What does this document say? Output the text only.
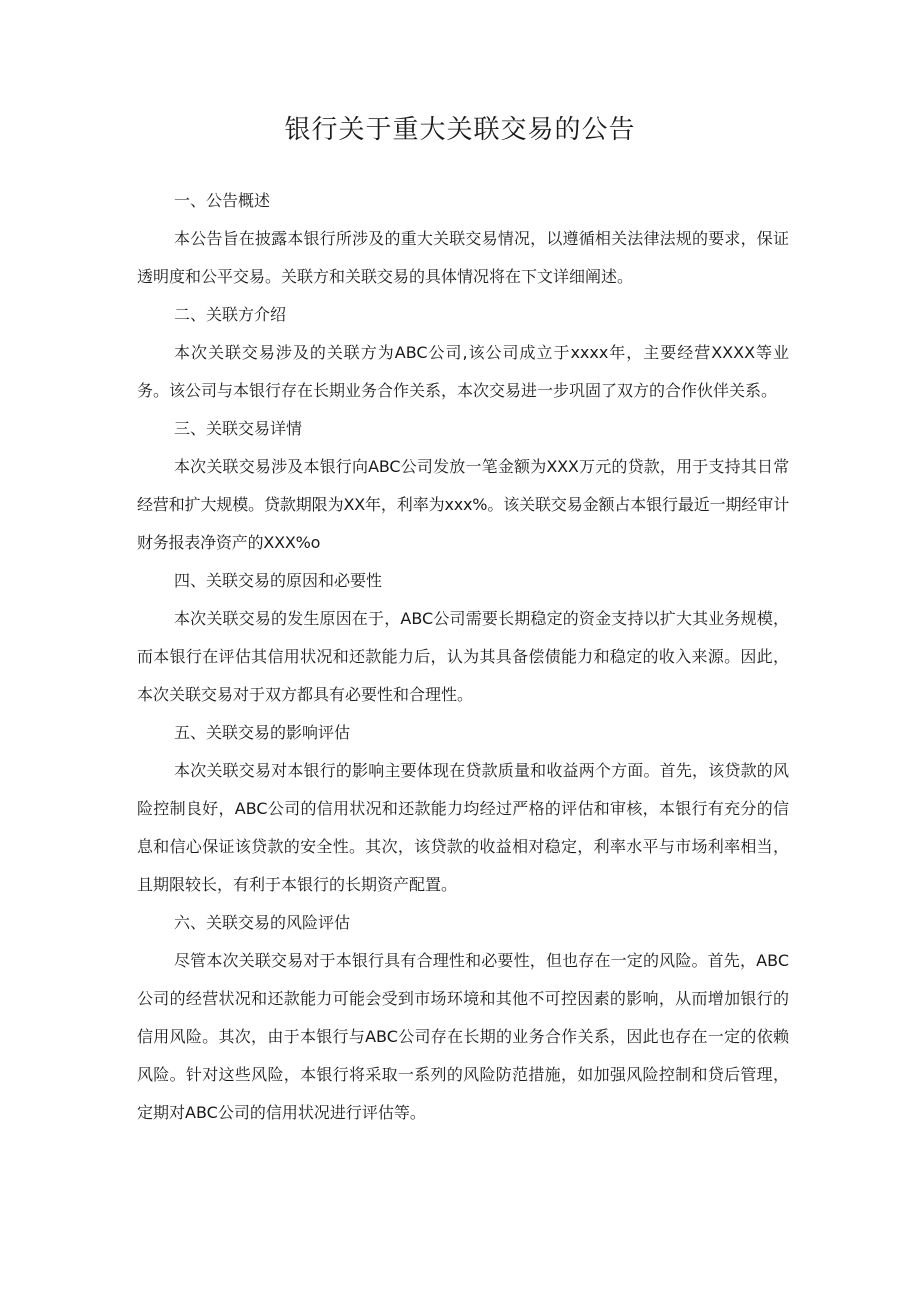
银行关于重大关联交易的公告

一、公告概述

本公告旨在披露本银行所涉及的重大关联交易情况，以遵循相关法律法规的要求，保证透明度和公平交易。关联方和关联交易的具体情况将在下文详细阐述。

二、关联方介绍

本次关联交易涉及的关联方为ABC公司,该公司成立于xxxx年，主要经营XXXX等业务。该公司与本银行存在长期业务合作关系，本次交易进一步巩固了双方的合作伙伴关系。

三、关联交易详情

本次关联交易涉及本银行向ABC公司发放一笔金额为XXX万元的贷款，用于支持其日常经营和扩大规模。贷款期限为XX年，利率为xxx%。该关联交易金额占本银行最近一期经审计财务报表净资产的XXX%o

四、关联交易的原因和必要性

本次关联交易的发生原因在于，ABC公司需要长期稳定的资金支持以扩大其业务规模，而本银行在评估其信用状况和还款能力后，认为其具备偿债能力和稳定的收入来源。因此，本次关联交易对于双方都具有必要性和合理性。

五、关联交易的影响评估

本次关联交易对本银行的影响主要体现在贷款质量和收益两个方面。首先，该贷款的风险控制良好，ABC公司的信用状况和还款能力均经过严格的评估和审核，本银行有充分的信息和信心保证该贷款的安全性。其次，该贷款的收益相对稳定，利率水平与市场利率相当，且期限较长，有利于本银行的长期资产配置。

六、关联交易的风险评估

尽管本次关联交易对于本银行具有合理性和必要性，但也存在一定的风险。首先，ABC公司的经营状况和还款能力可能会受到市场环境和其他不可控因素的影响，从而增加银行的信用风险。其次，由于本银行与ABC公司存在长期的业务合作关系，因此也存在一定的依赖风险。针对这些风险，本银行将采取一系列的风险防范措施，如加强风险控制和贷后管理，定期对ABC公司的信用状况进行评估等。
